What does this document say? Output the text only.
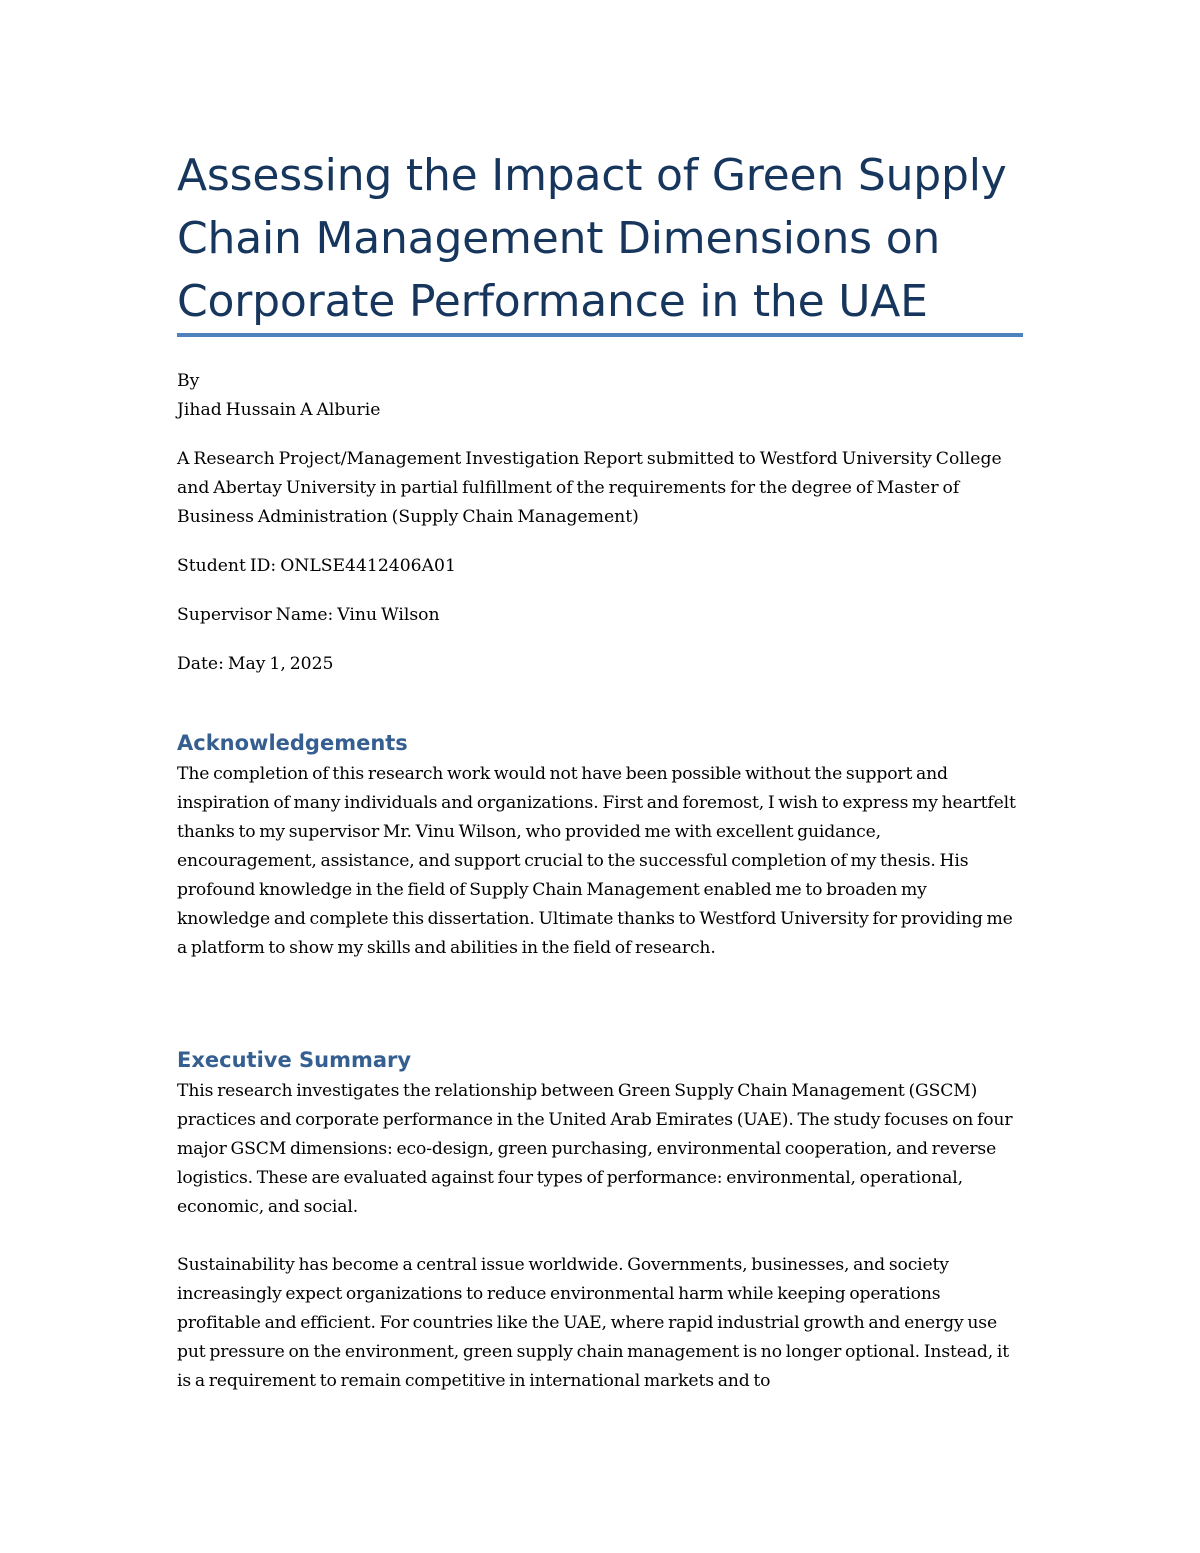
Assessing the Impact of Green Supply Chain Management Dimensions on Corporate Performance in the UAE

By

Jihad Hussain A Alburie

A Research Project/Management Investigation Report submitted to Westford University College and Abertay University in partial fulfillment of the requirements for the degree of Master of Business Administration (Supply Chain Management)

Student ID: ONLSE4412406A01

Supervisor Name: Vinu Wilson

Date: May 1, 2025

Acknowledgements

The completion of this research work would not have been possible without the support and inspiration of many individuals and organizations. First and foremost, I wish to express my heartfelt thanks to my supervisor Mr. Vinu Wilson, who provided me with excellent guidance, encouragement, assistance, and support crucial to the successful completion of my thesis. His profound knowledge in the field of Supply Chain Management enabled me to broaden my knowledge and complete this dissertation. Ultimate thanks to Westford University for providing me a platform to show my skills and abilities in the field of research.

Executive Summary

This research investigates the relationship between Green Supply Chain Management (GSCM) practices and corporate performance in the United Arab Emirates (UAE). The study focuses on four major GSCM dimensions: eco-design, green purchasing, environmental cooperation, and reverse logistics. These are evaluated against four types of performance: environmental, operational, economic, and social.

Sustainability has become a central issue worldwide. Governments, businesses, and society increasingly expect organizations to reduce environmental harm while keeping operations profitable and efficient. For countries like the UAE, where rapid industrial growth and energy use put pressure on the environment, green supply chain management is no longer optional. Instead, it is a requirement to remain competitive in international markets and to
